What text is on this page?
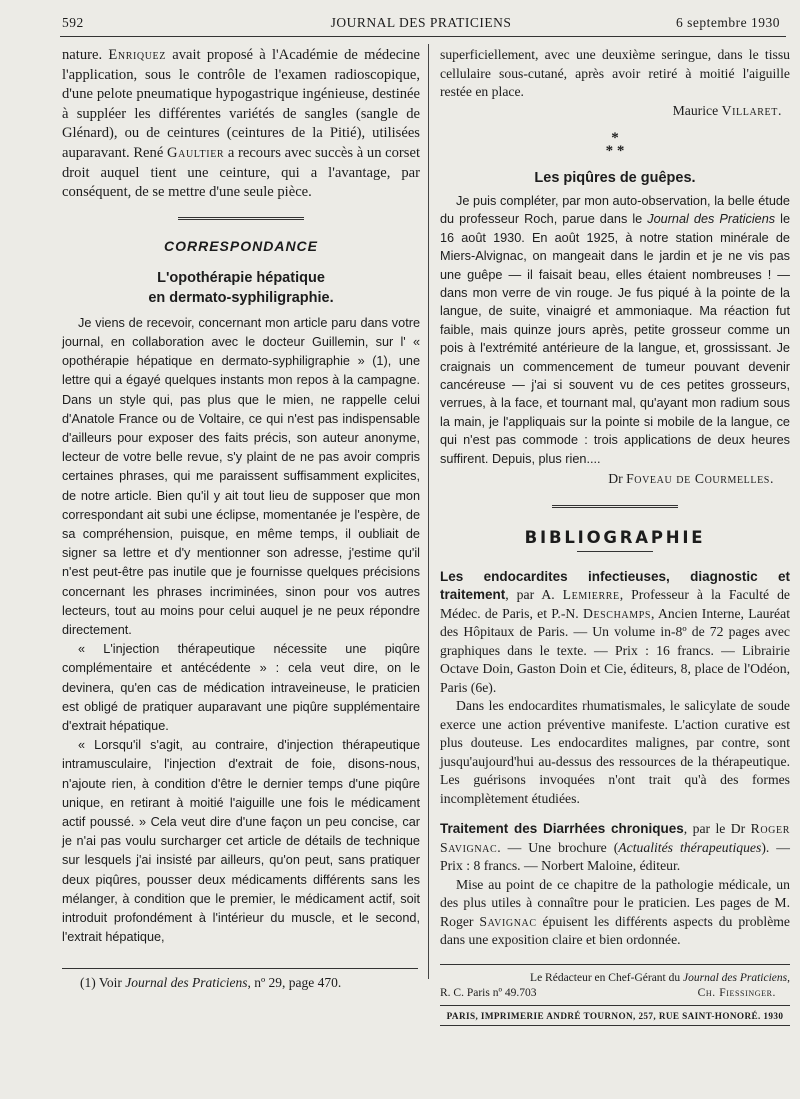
592	JOURNAL DES PRATICIENS	6 septembre 1930

nature. Enriquez avait proposé à l'Académie de médecine l'application, sous le contrôle de l'examen radioscopique, d'une pelote pneumatique hypogastrique ingénieuse, destinée à suppléer les différentes variétés de sangles (sangle de Glénard), ou de ceintures (ceintures de la Pitié), utilisées auparavant. René Gaultier a recours avec succès à un corset droit auquel tient une ceinture, qui a l'avantage, par conséquent, de se mettre d'une seule pièce.

CORRESPONDANCE
L'opothérapie hépatique
en dermato-syphiligraphie.

Je viens de recevoir, concernant mon article paru dans votre journal, en collaboration avec le docteur Guillemin, sur l' « opothérapie hépatique en dermato-syphiligraphie » (1), une lettre qui a égayé quelques instants mon repos à la campagne. Dans un style qui, pas plus que le mien, ne rappelle celui d'Anatole France ou de Voltaire, ce qui n'est pas indispensable d'ailleurs pour exposer des faits précis, son auteur anonyme, lecteur de votre belle revue, s'y plaint de ne pas avoir compris certaines phrases, qui me paraissent suffisamment explicites, de notre article. Bien qu'il y ait tout lieu de supposer que mon correspondant ait subi une éclipse, momentanée je l'espère, de sa compréhension, puisque, en même temps, il oubliait de signer sa lettre et d'y mentionner son adresse, j'estime qu'il n'est peut-être pas inutile que je fournisse quelques précisions concernant les phrases incriminées, sinon pour vos autres lecteurs, tout au moins pour celui auquel je ne peux répondre directement.

« L'injection thérapeutique nécessite une piqûre complémentaire et antécédente » : cela veut dire, on le devinera, qu'en cas de médication intraveineuse, le praticien est obligé de pratiquer auparavant une piqûre supplémentaire d'extrait hépatique.

« Lorsqu'il s'agit, au contraire, d'injection thérapeutique intramusculaire, l'injection d'extrait de foie, disons-nous, n'ajoute rien, à condition d'être le dernier temps d'une piqûre unique, en retirant à moitié l'aiguille une fois le médicament actif poussé. » Cela veut dire d'une façon un peu concise, car je n'ai pas voulu surcharger cet article de détails de technique sur lesquels j'ai insisté par ailleurs, qu'on peut, sans pratiquer deux piqûres, pousser deux médicaments différents sans les mélanger, à condition que le premier, le médicament actif, soit introduit profondément à l'intérieur du muscle, et le second, l'extrait hépatique,

(1) Voir Journal des Praticiens, nº 29, page 470.

superficiellement, avec une deuxième seringue, dans le tissu cellulaire sous-cutané, après avoir retiré à moitié l'aiguille restée en place.

Maurice Villaret.
*
* *
Les piqûres de guêpes.

Je puis compléter, par mon auto-observation, la belle étude du professeur Roch, parue dans le Journal des Praticiens le 16 août 1930. En août 1925, à notre station minérale de Miers-Alvignac, on mangeait dans le jardin et je ne vis pas une guêpe — il faisait beau, elles étaient nombreuses ! — dans mon verre de vin rouge. Je fus piqué à la pointe de la langue, de suite, vinaigré et ammoniaque. Ma réaction fut faible, mais quinze jours après, petite grosseur comme un pois à l'extrémité antérieure de la langue, et, grossissant. Je craignais un commencement de tumeur pouvant devenir cancéreuse — j'ai si souvent vu de ces petites grosseurs, verrues, à la face, et tournant mal, qu'ayant mon radium sous la main, je l'appliquais sur la pointe si mobile de la langue, ce qui n'est pas commode : trois applications de deux heures suffirent. Depuis, plus rien....

Dr Foveau de Courmelles.
BIBLIOGRAPHIE

Les endocardites infectieuses, diagnostic et traitement, par A. Lemierre, Professeur à la Faculté de Médec. de Paris, et P.-N. Deschamps, Ancien Interne, Lauréat des Hôpitaux de Paris. — Un volume in-8º de 72 pages avec graphiques dans le texte. — Prix : 16 francs. — Librairie Octave Doin, Gaston Doin et Cie, éditeurs, 8, place de l'Odéon, Paris (6e).

Dans les endocardites rhumatismales, le salicylate de soude exerce une action préventive manifeste. L'action curative est plus douteuse. Les endocardites malignes, par contre, sont jusqu'aujourd'hui au-dessus des ressources de la thérapeutique. Les guérisons invoquées n'ont trait qu'à des formes incomplètement étudiées.

Traitement des Diarrhées chroniques, par le Dr Roger Savignac. — Une brochure (Actualités thérapeutiques). — Prix : 8 francs. — Norbert Maloine, éditeur.

Mise au point de ce chapitre de la pathologie médicale, un des plus utiles à connaître pour le praticien. Les pages de M. Roger Savignac épuisent les différents aspects du problème dans une exposition claire et bien ordonnée.

Le Rédacteur en Chef-Gérant du Journal des Praticiens,
R. C. Paris nº 49.703	Ch. Fiessinger.
PARIS, IMPRIMERIE ANDRÉ TOURNON, 257, RUE SAINT-HONORÉ. 1930
